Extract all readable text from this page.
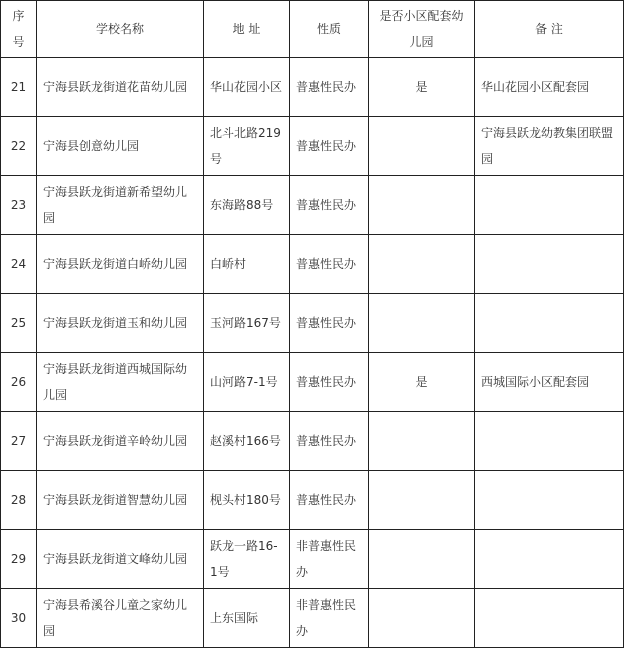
序号	学校名称	地 址	性质	是否小区配套幼儿园	备 注
21	宁海县跃龙街道花苗幼儿园	华山花园小区	普惠性民办	是	华山花园小区配套园
22	宁海县创意幼儿园	北斗北路219号	普惠性民办		宁海县跃龙幼教集团联盟园
23	宁海县跃龙街道新希望幼儿园	东海路88号	普惠性民办		
24	宁海县跃龙街道白峤幼儿园	白峤村	普惠性民办		
25	宁海县跃龙街道玉和幼儿园	玉河路167号	普惠性民办		
26	宁海县跃龙街道西城国际幼儿园	山河路7-1号	普惠性民办	是	西城国际小区配套园
27	宁海县跃龙街道辛岭幼儿园	赵溪村166号	普惠性民办		
28	宁海县跃龙街道智慧幼儿园	枧头村180号	普惠性民办		
29	宁海县跃龙街道文峰幼儿园	跃龙一路16-1号	非普惠性民办		
30	宁海县希溪谷儿童之家幼儿园	上东国际	非普惠性民办		
